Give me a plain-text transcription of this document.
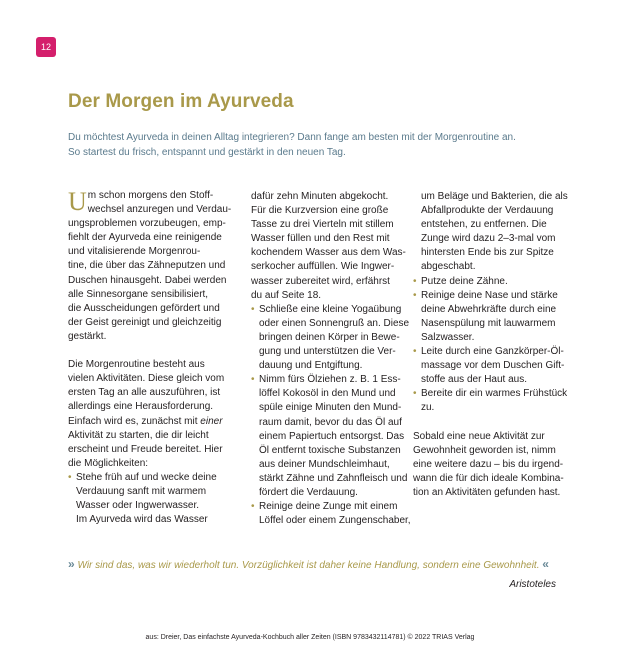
12
Der Morgen im Ayurveda
Du möchtest Ayurveda in deinen Alltag integrieren? Dann fange am besten mit der Morgenroutine an.
So startest du frisch, entspannt und gestärkt in den neuen Tag.
U m schon morgens den Stoff-
wechsel anzuregen und Verdau-
ungsproblemen vorzubeugen, emp-
fiehlt der Ayurveda eine reinigende
und vitalisierende Morgenrou-
tine, die über das Zähneputzen und
Duschen hinausgeht. Dabei werden
alle Sinnesorgane sensibilisiert,
die Ausscheidungen gefördert und
der Geist gereinigt und gleichzeitig
gestärkt.
Die Morgenroutine besteht aus
vielen Aktivitäten. Diese gleich vom
ersten Tag an alle auszuführen, ist
allerdings eine Herausforderung.
Einfach wird es, zunächst mit einer
Aktivität zu starten, die dir leicht
erscheint und Freude bereitet. Hier
die Möglichkeiten:
• Stehe früh auf und wecke deine
Verdauung sanft mit warmem
Wasser oder Ingwerwasser.
Im Ayurveda wird das Wasser
dafür zehn Minuten abgekocht.
Für die Kurzversion eine große
Tasse zu drei Vierteln mit stillem
Wasser füllen und den Rest mit
kochendem Wasser aus dem Was-
serkocher auffüllen. Wie Ingwer-
wasser zubereitet wird, erfährst
du auf Seite 18.
• Schließe eine kleine Yogaübung
oder einen Sonnengruß an. Diese
bringen deinen Körper in Bewe-
gung und unterstützen die Ver-
dauung und Entgiftung.
• Nimm fürs Ölziehen z. B. 1 Ess-
löffel Kokosöl in den Mund und
spüle einige Minuten den Mund-
raum damit, bevor du das Öl auf
einem Papiertuch entsorgst. Das
Öl entfernt toxische Substanzen
aus deiner Mundschleimhaut,
stärkt Zähne und Zahnfleisch und
fördert die Verdauung.
• Reinige deine Zunge mit einem
Löffel oder einem Zungenschaber,
um Beläge und Bakterien, die als
Abfallprodukte der Verdauung
entstehen, zu entfernen. Die
Zunge wird dazu 2–3-mal vom
hintersten Ende bis zur Spitze
abgeschabt.
• Putze deine Zähne.
• Reinige deine Nase und stärke
deine Abwehrkräfte durch eine
Nasenspülung mit lauwarmem
Salzwasser.
• Leite durch eine Ganzkörper-Öl-
massage vor dem Duschen Gift-
stoffe aus der Haut aus.
• Bereite dir ein warmes Frühstück
zu.
Sobald eine neue Aktivität zur
Gewohnheit geworden ist, nimm
eine weitere dazu – bis du irgend-
wann die für dich ideale Kombina-
tion an Aktivitäten gefunden hast.
» Wir sind das, was wir wiederholt tun. Vorzüglichkeit ist daher keine Handlung, sondern eine Gewohnheit. «
Aristoteles
aus: Dreier, Das einfachste Ayurveda-Kochbuch aller Zeiten (ISBN 9783432114781) © 2022 TRIAS Verlag
